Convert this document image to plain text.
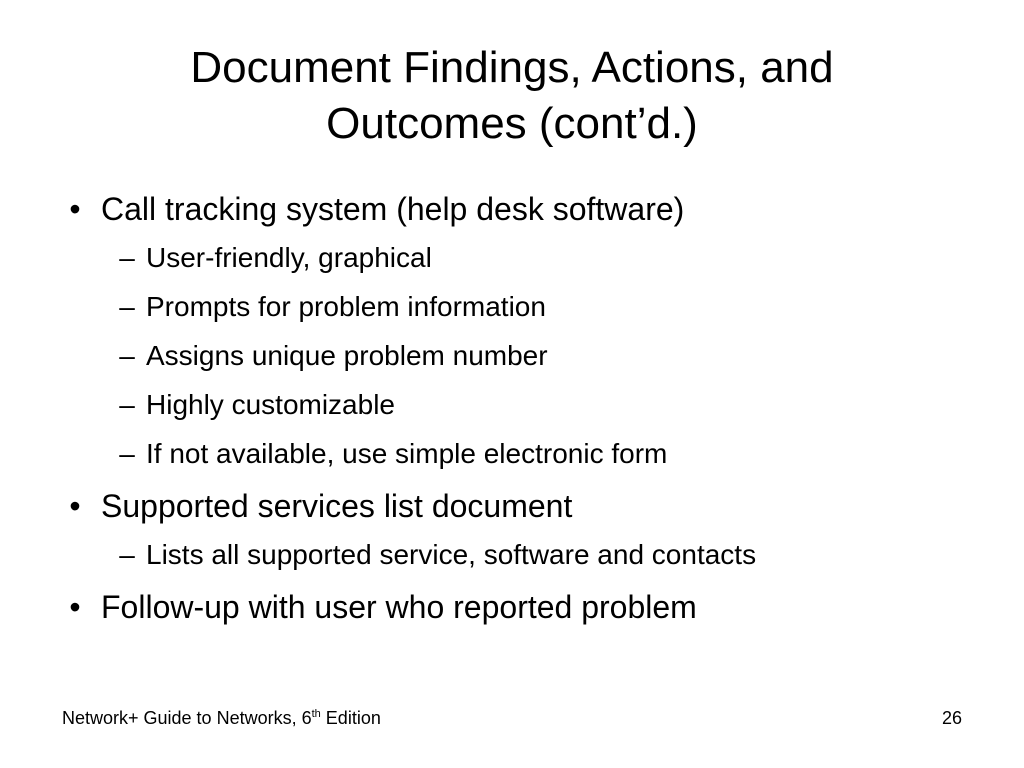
Document Findings, Actions, and
Outcomes (cont’d.)
• Call tracking system (help desk software)
– User-friendly, graphical
– Prompts for problem information
– Assigns unique problem number
– Highly customizable
– If not available, use simple electronic form
• Supported services list document
– Lists all supported service, software and contacts
• Follow-up with user who reported problem
Network+ Guide to Networks, 6th Edition	26
